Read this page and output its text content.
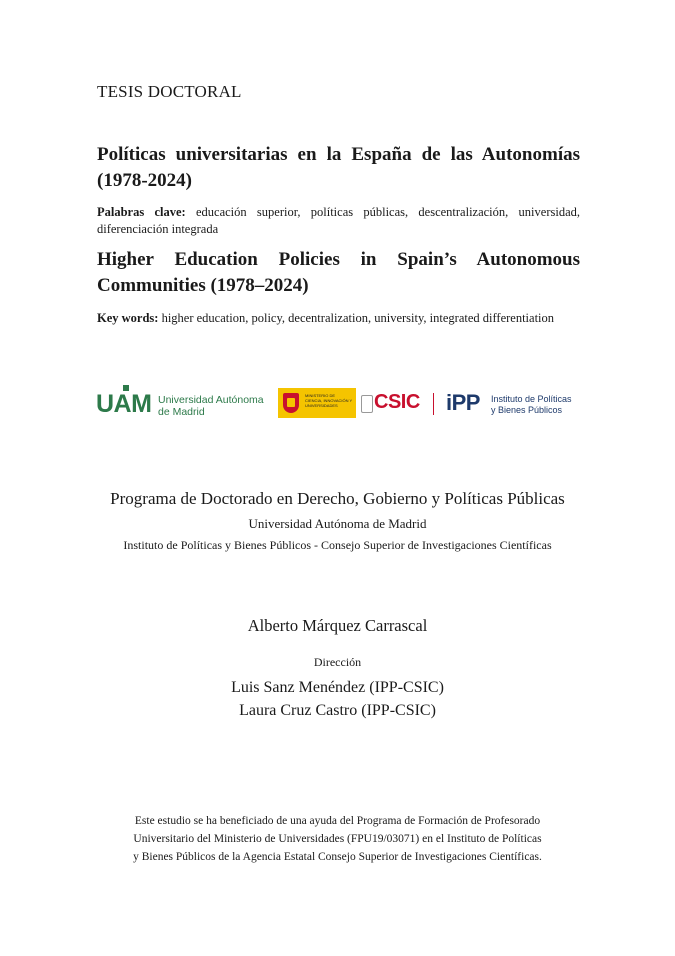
TESIS DOCTORAL
Políticas universitarias en la España de las Autonomías (1978-2024)
Palabras clave: educación superior, políticas públicas, descentralización, universidad, diferenciación integrada
Higher Education Policies in Spain’s Autonomous Communities (1978–2024)
Key words: higher education, policy, decentralization, university, integrated differentiation
UAM Universidad Autónoma
de Madrid
MINISTERIO DE CIENCIA, INNOVACIÓN Y UNIVERSIDADES	CSIC iPP Instituto de Políticas
y Bienes Públicos
Programa de Doctorado en Derecho, Gobierno y Políticas Públicas
Universidad Autónoma de Madrid
Instituto de Políticas y Bienes Públicos - Consejo Superior de Investigaciones Científicas
Alberto Márquez Carrascal
Dirección
Luis Sanz Menéndez (IPP-CSIC)
Laura Cruz Castro (IPP-CSIC)
Este estudio se ha beneficiado de una ayuda del Programa de Formación de Profesorado
Universitario del Ministerio de Universidades (FPU19/03071) en el Instituto de Políticas
y Bienes Públicos de la Agencia Estatal Consejo Superior de Investigaciones Científicas.
